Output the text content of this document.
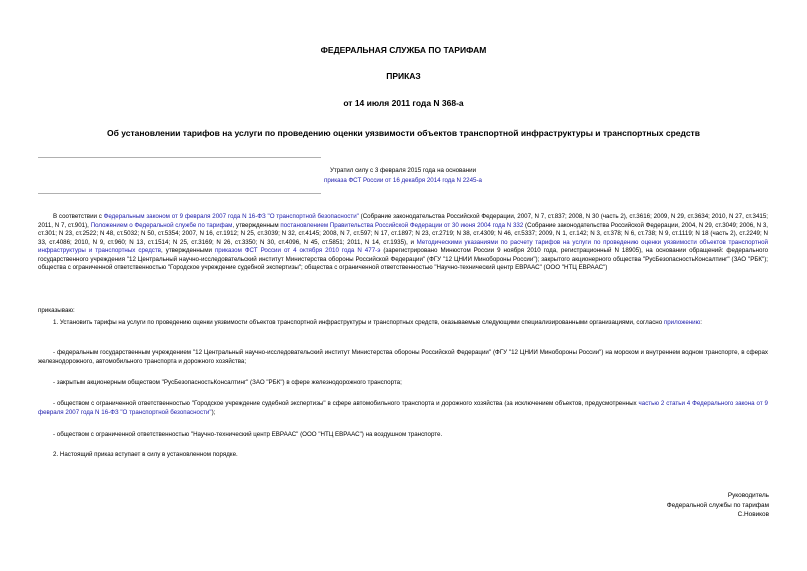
ФЕДЕРАЛЬНАЯ СЛУЖБА ПО ТАРИФАМ
ПРИКАЗ
от 14 июля 2011 года N 368-а
Об установлении тарифов на услуги по проведению оценки уязвимости объектов транспортной инфраструктуры и транспортных средств
Утратил силу с 3 февраля 2015 года на основании
приказа ФСТ России от 16 декабря 2014 года N 2245-а

В соответствии с Федеральным законом от 9 февраля 2007 года N 16-ФЗ "О транспортной безопасности" (Собрание законодательства Российской Федерации, 2007, N 7, ст.837; 2008, N 30 (часть 2), ст.3616; 2009, N 29, ст.3634; 2010, N 27, ст.3415; 2011, N 7, ст.901), Положением о Федеральной службе по тарифам, утвержденным постановлением Правительства Российской Федерации от 30 июня 2004 года N 332 (Собрание законодательства Российской Федерации, 2004, N 29, ст.3049; 2006, N 3, ст.301; N 23, ст.2522; N 48, ст.5032; N 50, ст.5354; 2007, N 16, ст.1912; N 25, ст.3039; N 32, ст.4145; 2008, N 7, ст.597; N 17, ст.1897; N 23, ст.2719; N 38, ст.4309; N 46, ст.5337; 2009, N 1, ст.142; N 3, ст.378; N 6, ст.738; N 9, ст.1119; N 18 (часть 2), ст.2249; N 33, ст.4086; 2010, N 9, ст.960; N 13, ст.1514; N 25, ст.3169; N 26, ст.3350; N 30, ст.4096, N 45, ст.5851; 2011, N 14, ст.1935), и Методическими указаниями по расчету тарифов на услуги по проведению оценки уязвимости объектов транспортной инфраструктуры и транспортных средств, утвержденными приказом ФСТ России от 4 октября 2010 года N 477-э (зарегистрировано Минюстом России 9 ноября 2010 года, регистрационный N 18905), на основании обращений: федерального государственного учреждения "12 Центральный научно-исследовательский институт Министерства обороны Российской Федерации" (ФГУ "12 ЦНИИ Минобороны России"); закрытого акционерного общества "РусБезопасностьКонсалтинг" (ЗАО "РБК"); общества с ограниченной ответственностью "Городское учреждение судебной экспертизы"; общества с ограниченной ответственностью "Научно-технический центр ЕВРААС" (ООО "НТЦ ЕВРААС")

приказываю:

1. Установить тарифы на услуги по проведению оценки уязвимости объектов транспортной инфраструктуры и транспортных средств, оказываемые следующими специализированными организациями, согласно приложению:

- федеральным государственным учреждением "12 Центральный научно-исследовательский институт Министерства обороны Российской Федерации" (ФГУ "12 ЦНИИ Минобороны России") на морском и внутреннем водном транспорте, в сферах железнодорожного, автомобильного транспорта и дорожного хозяйства;

- закрытым акционерным обществом "РусБезопасностьКонсалтинг" (ЗАО "РБК") в сфере железнодорожного транспорта;

- обществом с ограниченной ответственностью "Городское учреждение судебной экспертизы" в сфере автомобильного транспорта и дорожного хозяйства (за исключением объектов, предусмотренных частью 2 статьи 4 Федерального закона от 9 февраля 2007 года N 16-ФЗ "О транспортной безопасности");

- обществом с ограниченной ответственностью "Научно-технический центр ЕВРААС" (ООО "НТЦ ЕВРААС") на воздушном транспорте.

2. Настоящий приказ вступает в силу в установленном порядке.

Руководитель
Федеральной службы по тарифам
С.Новиков
